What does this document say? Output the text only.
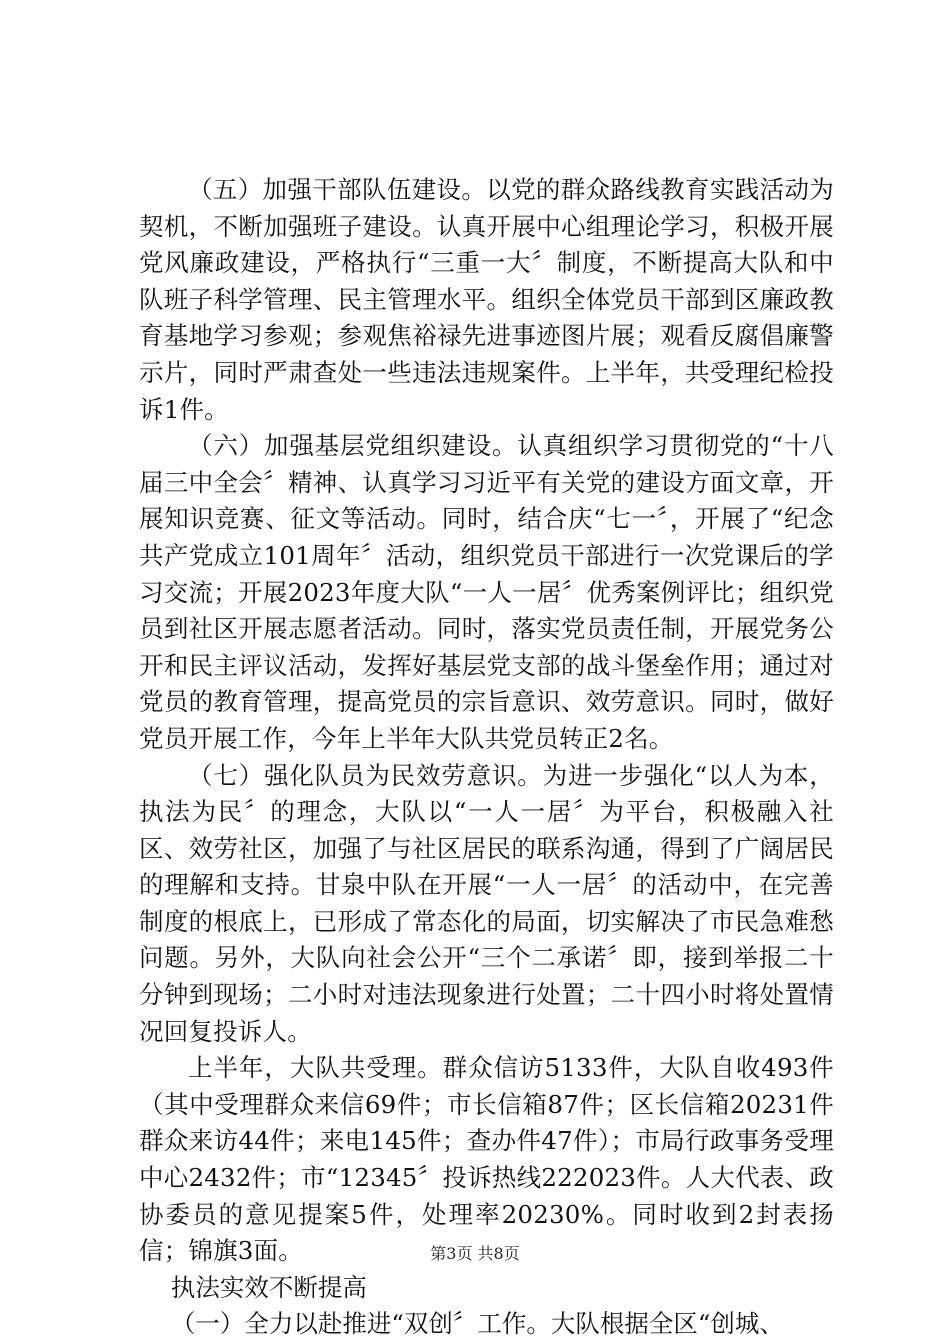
（五）加强干部队伍建设。以党的群众路线教育实践活动为契机，不断加强班子建设。认真开展中心组理论学习，积极开展党风廉政建设，严格执行“三重一大〞制度，不断提高大队和中队班子科学管理、民主管理水平。组织全体党员干部到区廉政教育基地学习参观；参观焦裕禄先进事迹图片展；观看反腐倡廉警示片，同时严肃查处一些违法违规案件。上半年，共受理纪检投诉1件。

（六）加强基层党组织建设。认真组织学习贯彻党的“十八届三中全会〞精神、认真学习习近平有关党的建设方面文章，开展知识竞赛、征文等活动。同时，结合庆“七一〞，开展了“纪念共产党成立101周年〞活动，组织党员干部进行一次党课后的学习交流；开展2023年度大队“一人一居〞优秀案例评比；组织党员到社区开展志愿者活动。同时，落实党员责任制，开展党务公开和民主评议活动，发挥好基层党支部的战斗堡垒作用；通过对党员的教育管理，提高党员的宗旨意识、效劳意识。同时，做好党员开展工作，今年上半年大队共党员转正2名。

（七）强化队员为民效劳意识。为进一步强化“以人为本，执法为民〞的理念，大队以“一人一居〞为平台，积极融入社区、效劳社区，加强了与社区居民的联系沟通，得到了广阔居民的理解和支持。甘泉中队在开展“一人一居〞的活动中，在完善制度的根底上，已形成了常态化的局面，切实解决了市民急难愁问题。另外，大队向社会公开“三个二承诺〞即，接到举报二十分钟到现场；二小时对违法现象进行处置；二十四小时将处置情况回复投诉人。

上半年，大队共受理。群众信访5133件，大队自收493件（其中受理群众来信69件；市长信箱87件；区长信箱20231件群众来访44件；来电145件；查办件47件）；市局行政事务受理中心2432件；市“12345〞投诉热线222023件。人大代表、政协委员的意见提案5件，处理率20230%。同时收到2封表扬信；锦旗3面。

执法实效不断提高

（一）全力以赴推进“双创〞工作。大队根据全区“创城、

第3页 共8页
